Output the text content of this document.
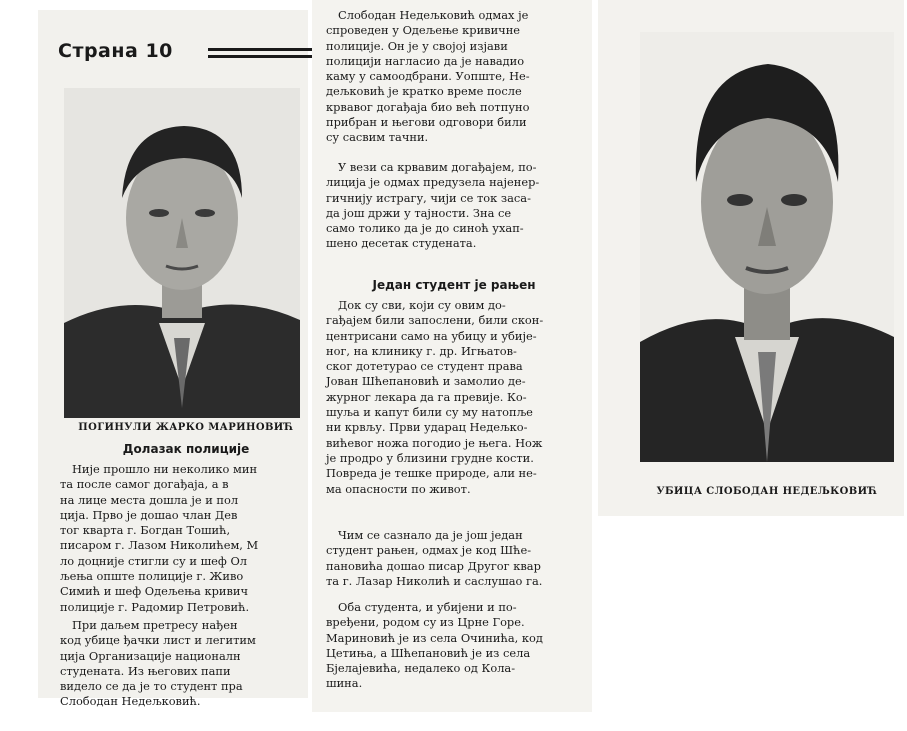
Страна 10
ПОГИНУЛИ ЖАРКО МАРИНОВИЋ
Долазак полиције

Није прошло ни неколико мин
та после самог догађаја, а в
на лице места дошла је и пол
ција. Прво је дошао члан Дев
тог кварта г. Богдан Тошић,
писаром г. Лазом Николићем, М
ло доцније стигли су и шеф Ол
љења опште полиције г. Живо
Симић и шеф Одељења кривич
полиције г. Радомир Петровић.

При даљем претресу нађен
код убице ђачки лист и легитим
ција Организације националн
студената. Из његових папи
видело се да је то студент пра
Слободан Недељковић.

Слободан Недељковић одмах је
спроведен у Одељење кривичне
полиције. Он је у својој изјави
полицији нагласио да је навадио
каму у самоодбрани. Уопште, Не-
дељковић је кратко време после
крвавог догађаја био већ потпуно
прибран и његови одговори били
су сасвим тачни.

У вези са крвавим догађајем, по-
лиција је одмах предузела најенер-
гичнију истрагу, чији се ток заса-
да још држи у тајности. Зна се
само толико да је до синоћ ухап-
шено десетак студената.

Један студент је рањен

Док су сви, који су овим до-
гађајем били запослени, били скон-
центрисани само на убицу и убије-
ног, на клинику г. др. Игњатов-
ског дотетурао се студент права
Јован Шћепановић и замолио де-
журног лекара да га превије. Ко-
шуља и капут били су му натопље
ни крвљу. Први ударац Недељко-
вићевог ножа погодио је њега. Нож
је продро у близини грудне кости.
Повреда је тешке природе, али не-
ма опасности по живот.

Чим се сазнало да је још један
студент рањен, одмах је код Шће-
пановића дошао писар Другог квар
та г. Лазар Николић и саслушао га.

Оба студента, и убијени и по-
врeђени, родом су из Црне Горе.
Мариновић је из села Очинића, код
Цетиња, а Шћепановић је из села
Бјелајевића, недалеко од Кола-
шина.

УБИЦА СЛОБОДАН НЕДЕЉКОВИЋ
